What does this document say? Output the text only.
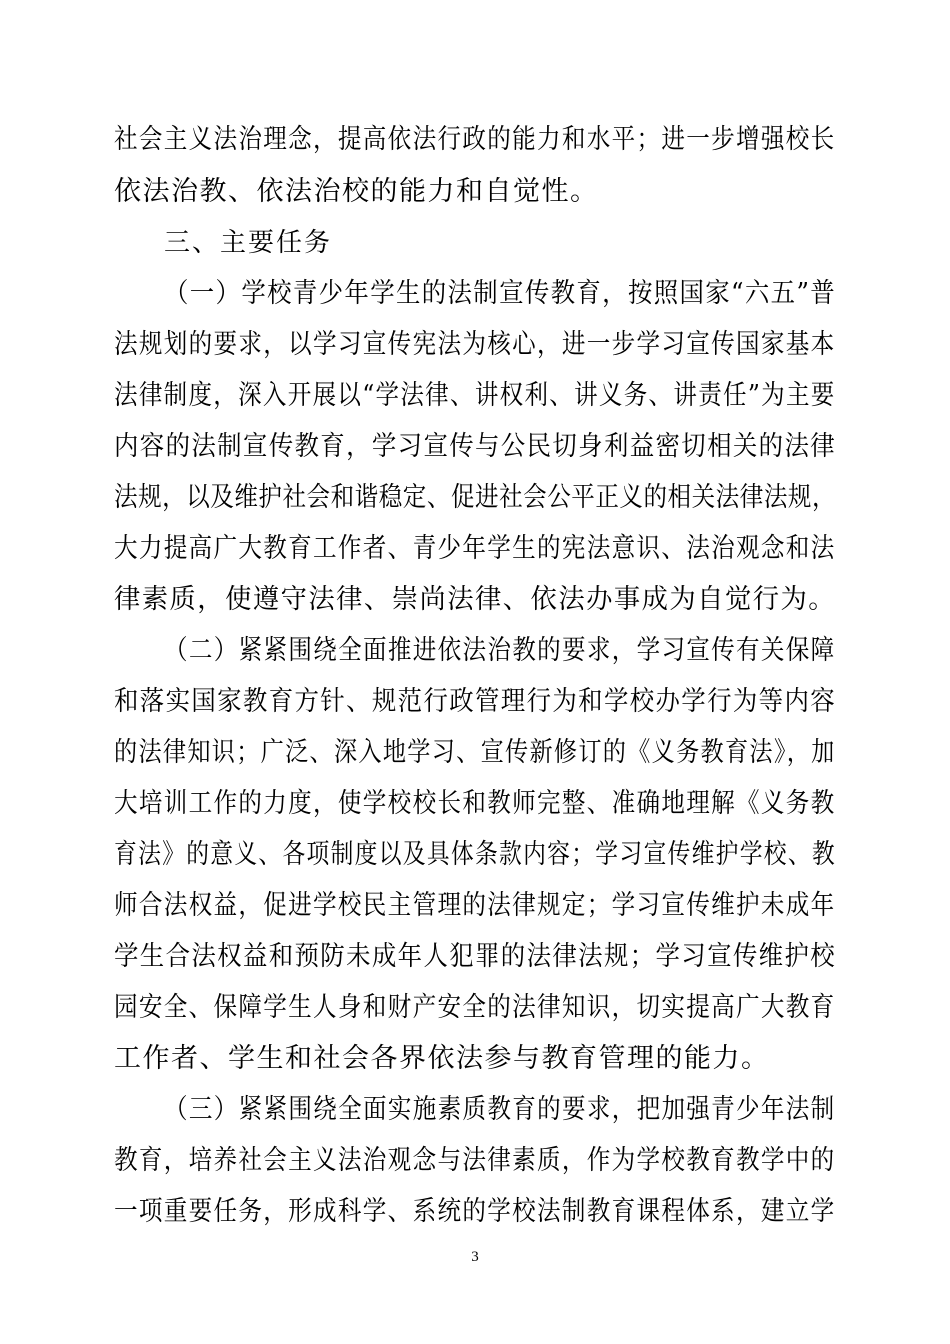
社会主义法治理念，提高依法行政的能力和水平；进一步增强校长
依法治教、依法治校的能力和自觉性。
三、主要任务
（一）学校青少年学生的法制宣传教育，按照国家“六五”普
法规划的要求，以学习宣传宪法为核心，进一步学习宣传国家基本
法律制度，深入开展以“学法律、讲权利、讲义务、讲责任”为主要
内容的法制宣传教育，学习宣传与公民切身利益密切相关的法律
法规，以及维护社会和谐稳定、促进社会公平正义的相关法律法规，
大力提高广大教育工作者、青少年学生的宪法意识、法治观念和法
律素质，使遵守法律、崇尚法律、依法办事成为自觉行为。
（二）紧紧围绕全面推进依法治教的要求，学习宣传有关保障
和落实国家教育方针、规范行政管理行为和学校办学行为等内容
的法律知识；广泛、深入地学习、宣传新修订的《义务教育法》，加
大培训工作的力度，使学校校长和教师完整、准确地理解《义务教
育法》的意义、各项制度以及具体条款内容；学习宣传维护学校、教
师合法权益，促进学校民主管理的法律规定；学习宣传维护未成年
学生合法权益和预防未成年人犯罪的法律法规；学习宣传维护校
园安全、保障学生人身和财产安全的法律知识，切实提高广大教育
工作者、学生和社会各界依法参与教育管理的能力。
（三）紧紧围绕全面实施素质教育的要求，把加强青少年法制
教育，培养社会主义法治观念与法律素质，作为学校教育教学中的
一项重要任务，形成科学、系统的学校法制教育课程体系，建立学
3
